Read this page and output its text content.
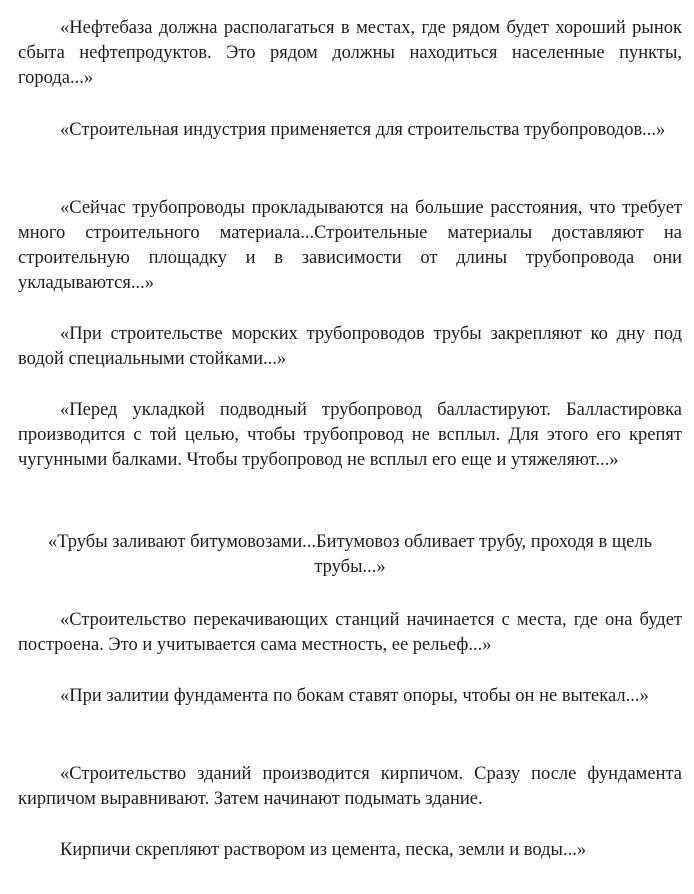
«Нефтебаза должна располагаться в местах, где рядом будет хороший рынок сбыта нефтепродуктов. Это рядом должны находиться населенные пункты, города...»

«Строительная индустрия применяется для строительства трубопроводов...»

«Сейчас трубопроводы прокладываются на большие расстояния, что требует много строительного материала...Строительные материалы доставляют на строительную площадку и в зависимости от длины трубопровода они укладываются...»

«При строительстве морских трубопроводов трубы закрепляют ко дну под водой специальными стойками...»

«Перед укладкой подводный трубопровод балластируют. Балластировка производится с той целью, чтобы трубопровод не всплыл. Для этого его крепят чугунными балками. Чтобы трубопровод не всплыл его еще и утяжеляют...»

«Трубы заливают битумовозами...Битумовоз обливает трубу, проходя в щель трубы...»

«Строительство перекачивающих станций начинается с места, где она будет построена. Это и учитывается сама местность, ее рельеф...»

«При залитии фундамента по бокам ставят опоры, чтобы он не вытекал...»

«Строительство зданий производится кирпичом. Сразу после фундамента кирпичом выравнивают. Затем начинают подымать здание.

Кирпичи скрепляют раствором из цемента, песка, земли и воды...»
